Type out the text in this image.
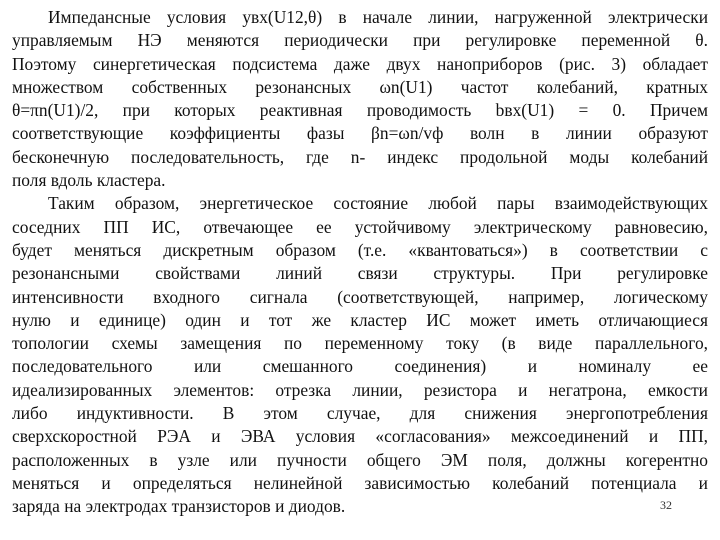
Импедансные условия yвх(U12,θ) в начале линии, нагруженной электрически
управляемым НЭ меняются периодически при регулировке переменной θ.
Поэтому синергетическая подсистема даже двух наноприборов (рис. 3) обладает
множеством собственных резонансных ωn(U1) частот колебаний, кратных
θ=πn(U1)/2, при которых реактивная проводимость bвх(U1) = 0. Причем
соответствующие коэффициенты фазы βn=ωn/vф волн в линии образуют
бесконечную последовательность, где n- индекс продольной моды колебаний
поля вдоль кластера.

Таким образом, энергетическое состояние любой пары взаимодействующих
соседних ПП ИС, отвечающее ее устойчивому электрическому равновесию,
будет меняться дискретным образом (т.е. «квантоваться») в соответствии с
резонансными свойствами линий связи структуры. При регулировке
интенсивности входного сигнала (соответствующей, например, логическому
нулю и единице) один и тот же кластер ИС может иметь отличающиеся
топологии схемы замещения по переменному току (в виде параллельного,
последовательного или смешанного соединения) и номиналу ее
идеализированных элементов: отрезка линии, резистора и негатрона, емкости
либо индуктивности. В этом случае, для снижения энергопотребления
сверхскоростной РЭА и ЭВА условия «согласования» межсоединений и ПП,
расположенных в узле или пучности общего ЭМ поля, должны когерентно
меняться и определяться нелинейной зависимостью колебаний потенциала и
заряда на электродах транзисторов и диодов.	32
